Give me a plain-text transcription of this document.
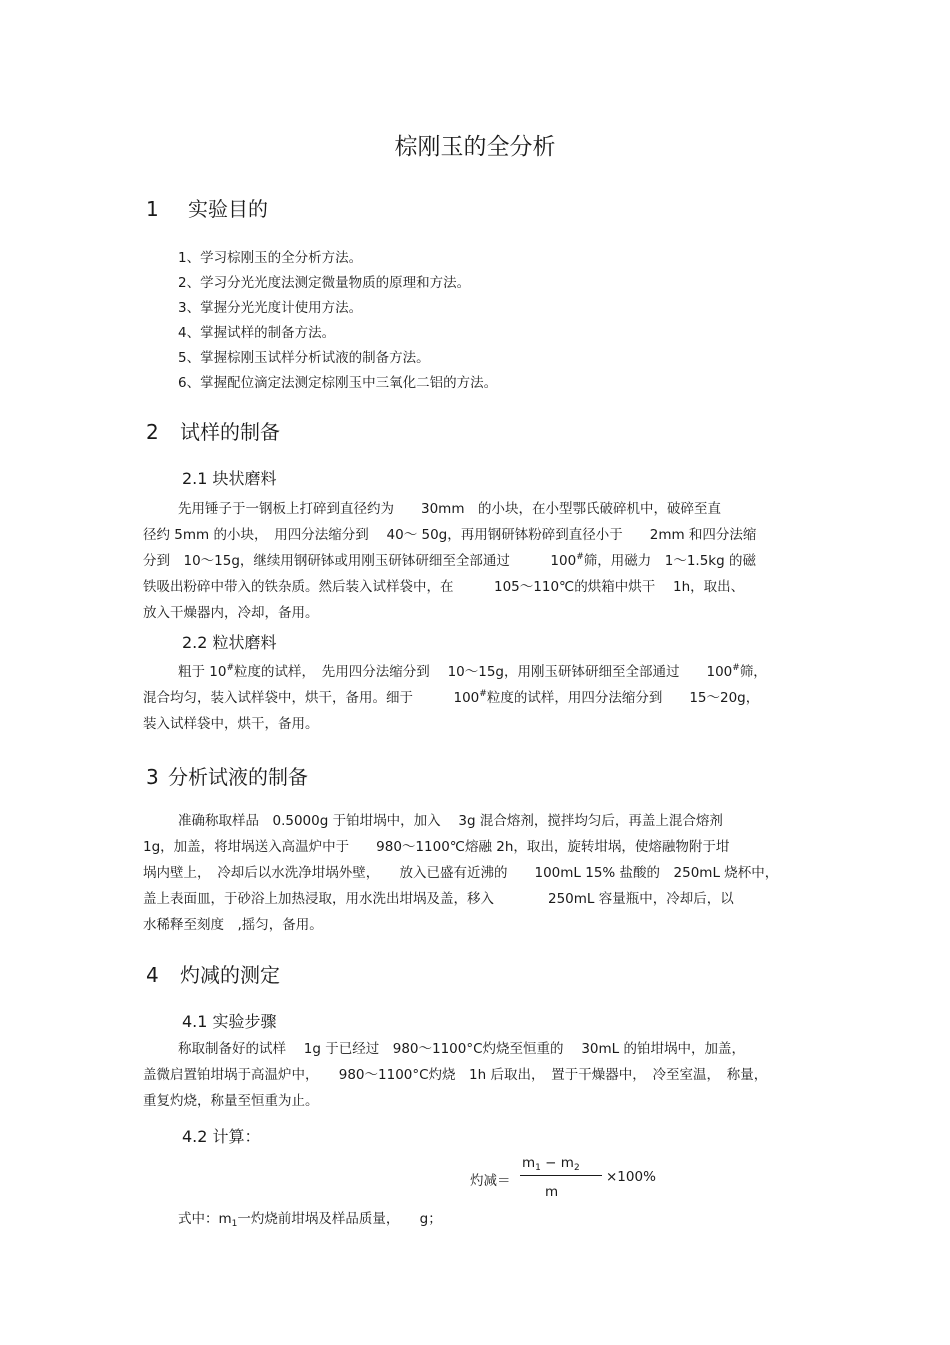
棕刚玉的全分析
1 实验目的
1、学习棕刚玉的全分析方法。
2、学习分光光度法测定微量物质的原理和方法。
3、掌握分光光度计使用方法。
4、掌握试样的制备方法。
5、掌握棕刚玉试样分析试液的制备方法。
6、掌握配位滴定法测定棕刚玉中三氧化二铝的方法。
2 试样的制备
2.1 块状磨料
先用锤子于一钢板上打碎到直径约为　　30mm　的小块，在小型鄂氏破碎机中，破碎至直
径约 5mm 的小块，　用四分法缩分到　 40～ 50g，再用钢研钵粉碎到直径小于　　2mm 和四分法缩
分到　10～15g，继续用钢研钵或用刚玉研钵研细至全部通过　　　100#筛，用磁力　1～1.5kg 的磁
铁吸出粉碎中带入的铁杂质。然后装入试样袋中，在　　　105～110℃的烘箱中烘干　 1h，取出、
放入干燥器内，冷却，备用。
2.2 粒状磨料
粗于 10#粒度的试样，　先用四分法缩分到　 10～15g，用刚玉研钵研细至全部通过　　100#筛，
混合均匀，装入试样袋中，烘干，备用。细于　　　100#粒度的试样，用四分法缩分到　　15～20g，
装入试样袋中，烘干，备用。
3 分析试液的制备
准确称取样品　0.5000g 于铂坩埚中，加入　 3g 混合熔剂，搅拌均匀后，再盖上混合熔剂
1g，加盖，将坩埚送入高温炉中于　　980～1100℃熔融 2h，取出，旋转坩埚，使熔融物附于坩
埚内壁上，　冷却后以水洗净坩埚外壁，　　放入已盛有近沸的　　100mL 15% 盐酸的　250mL 烧杯中，
盖上表面皿，于砂浴上加热浸取，用水洗出坩埚及盖，移入　　　　250mL 容量瓶中，冷却后，以
水稀释至刻度　,摇匀，备用。
4 灼减的测定
4.1 实验步骤
称取制备好的试样　 1g 于已经过　980～1100°C灼烧至恒重的　 30mL 的铂坩埚中，加盖，
盖微启置铂坩埚于高温炉中，　　980～1100°C灼烧　1h 后取出，　置于干燥器中，　冷至室温，　称量，
重复灼烧，称量至恒重为止。
4.2 计算：
灼减＝
$m_1 - m_2$
m
×100%
式中：$m_1$一灼烧前坩埚及样品质量，　　g；
